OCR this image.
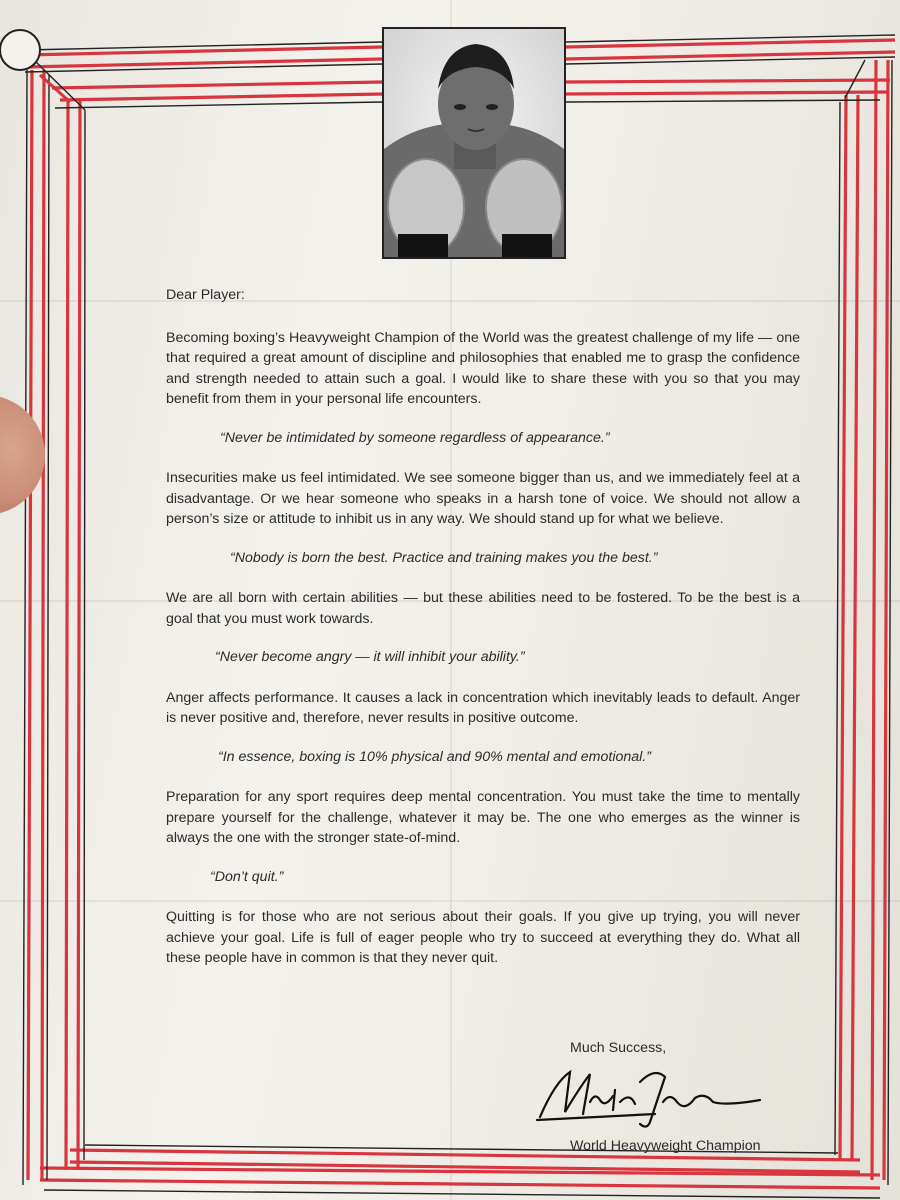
Dear Player:

Becoming boxing’s Heavyweight Champion of the World was the greatest challenge of my life — one that required a great amount of discipline and philosophies that enabled me to grasp the confidence and strength needed to attain such a goal. I would like to share these with you so that you may benefit from them in your personal life encounters.

“Never be intimidated by someone regardless of appearance.”

Insecurities make us feel intimidated. We see someone bigger than us, and we immediately feel at a disadvantage. Or we hear someone who speaks in a harsh tone of voice. We should not allow a person’s size or attitude to inhibit us in any way. We should stand up for what we believe.

“Nobody is born the best. Practice and training makes you the best.”

We are all born with certain abilities — but these abilities need to be fostered. To be the best is a goal that you must work towards.

“Never become angry — it will inhibit your ability.”

Anger affects performance. It causes a lack in concentration which inevitably leads to default. Anger is never positive and, therefore, never results in positive outcome.

“In essence, boxing is 10% physical and 90% mental and emotional.”

Preparation for any sport requires deep mental concentration. You must take the time to mentally prepare yourself for the challenge, whatever it may be. The one who emerges as the winner is always the one with the stronger state-of-mind.

“Don’t quit.”

Quitting is for those who are not serious about their goals. If you give up trying, you will never achieve your goal. Life is full of eager people who try to succeed at everything they do. What all these people have in common is that they never quit.

Much Success,
World Heavyweight Champion
